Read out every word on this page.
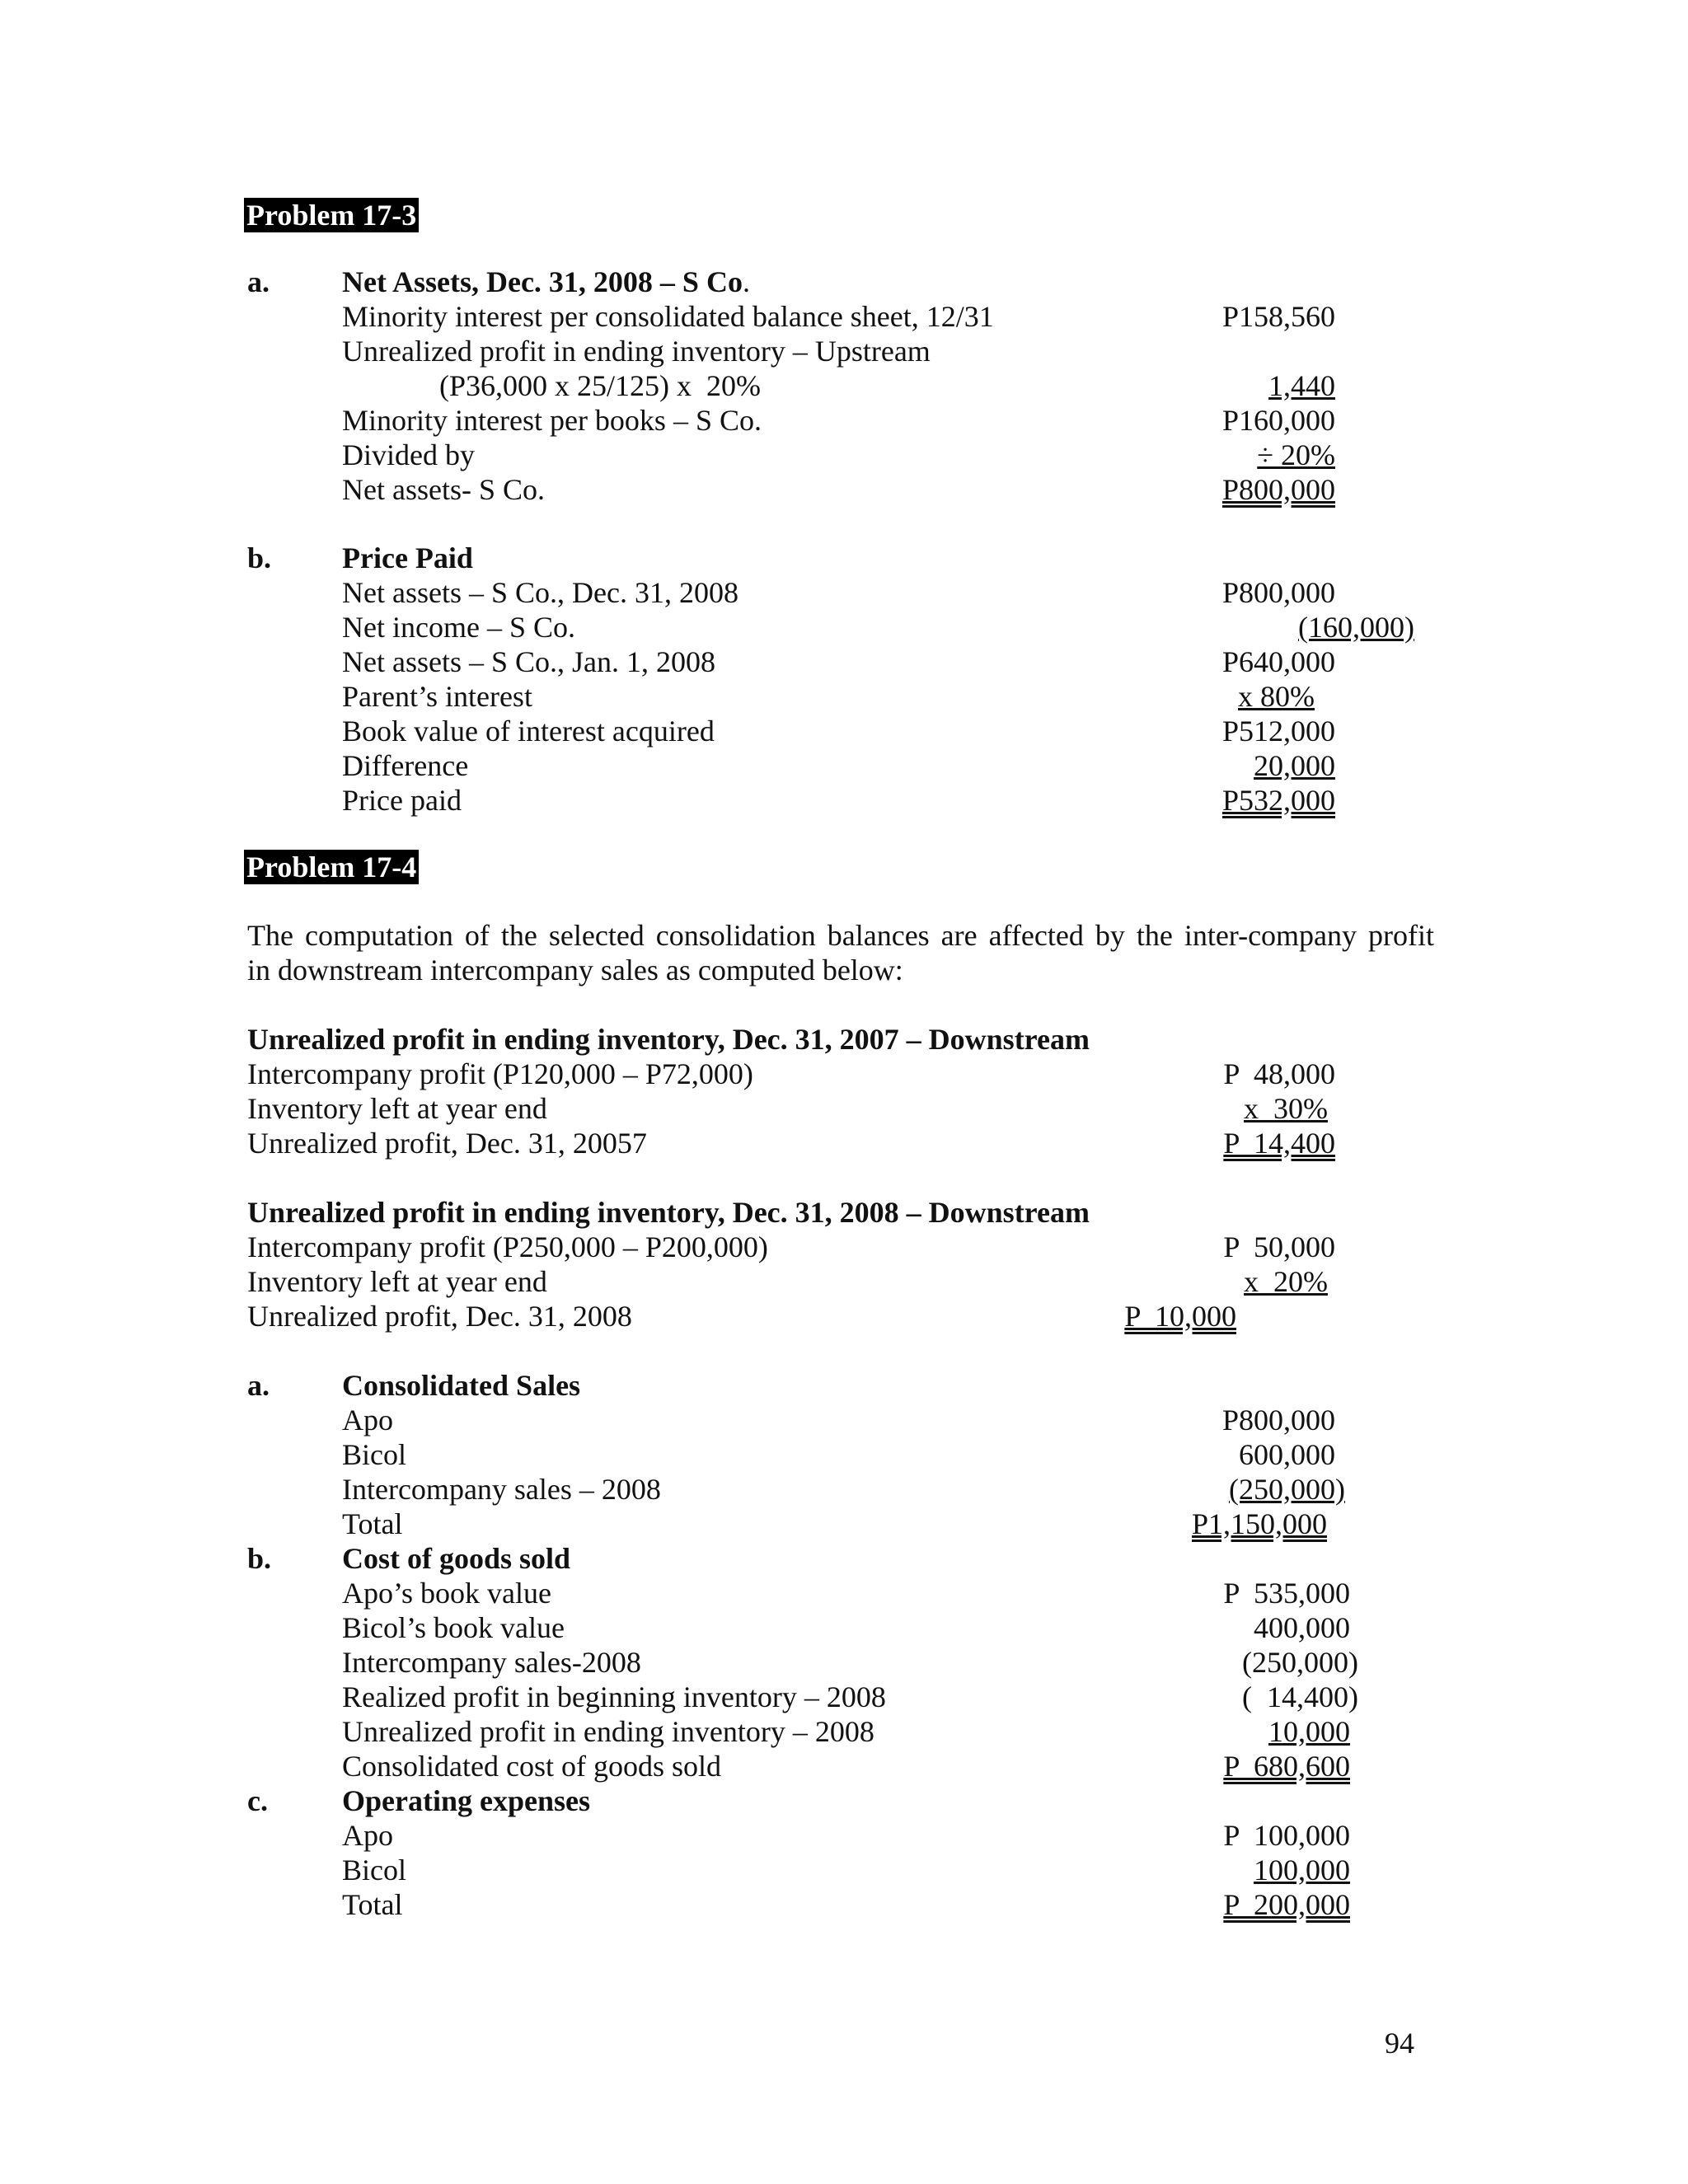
Problem 17-3
a. Net Assets, Dec. 31, 2008 – S Co.
Minority interest per consolidated balance sheet, 12/31	P158,560
Unrealized profit in ending inventory – Upstream
(P36,000 x 25/125) x  20%	1,440
Minority interest per books – S Co.	P160,000
Divided by	÷ 20%
Net assets- S Co.	P800,000
b. Price Paid
Net assets – S Co., Dec. 31, 2008	P800,000
Net income – S Co.	(160,000)
Net assets – S Co., Jan. 1, 2008	P640,000
Parent’s interest	x 80%
Book value of interest acquired	P512,000
Difference	20,000
Price paid	P532,000
Problem 17-4
The computation of the selected consolidation balances are affected by the inter-company profit
in downstream intercompany sales as computed below:
Unrealized profit in ending inventory, Dec. 31, 2007 – Downstream
Intercompany profit (P120,000 – P72,000)	P  48,000
Inventory left at year end	x  30%
Unrealized profit, Dec. 31, 20057	P  14,400
Unrealized profit in ending inventory, Dec. 31, 2008 – Downstream
Intercompany profit (P250,000 – P200,000)	P  50,000
Inventory left at year end	x  20%
Unrealized profit, Dec. 31, 2008	P  10,000
a. Consolidated Sales
Apo	P800,000
Bicol	600,000
Intercompany sales – 2008	(250,000)
Total	P1,150,000
b. Cost of goods sold
Apo’s book value	P  535,000
Bicol’s book value	400,000
Intercompany sales-2008	(250,000)
Realized profit in beginning inventory – 2008	(  14,400)
Unrealized profit in ending inventory – 2008	10,000
Consolidated cost of goods sold	P  680,600
c.	Operating expenses
Apo	P  100,000
Bicol	100,000
Total	P  200,000
94
